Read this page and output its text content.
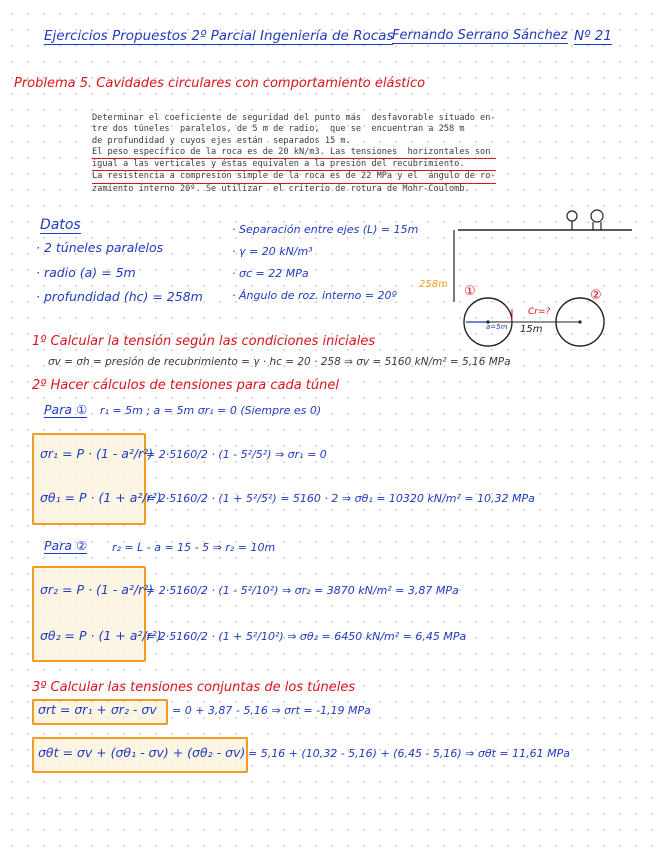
Ejercicios Propuestos 2º Parcial Ingeniería de Rocas
Fernando Serrano Sánchez Nº 21
Problema 5. Cavidades circulares con comportamiento elástico
Determinar el coeficiente de seguridad del punto más  desfavorable situado en-
tre dos túneles  paralelos, de 5 m de radio,  que se  encuentran a 258 m
de profundidad y cuyos ejes están  separados 15 m.
El peso específico de la roca es de 20 kN/m3. Las tensiones  horizontales son
igual a las verticales y éstas equivalen a la presión del recubrimiento.
La resistencia a compresión simple de la roca es de 22 MPa y el  ángulo de ro-
zamiento interno 20º. Se utilizar  el criterio de rotura de Mohr-Coulomb.
Datos
· 2 túneles paralelos
· radio (a) = 5m
· profundidad (hc) = 258m
· Separación entre ejes (L) = 15m
· γ = 20 kN/m³
· σc = 22 MPa
· Ángulo de roz. interno = 20º
258m ①	②
a=5m
Cr=?
15m
1º Calcular la tensión según las condiciones iniciales
σv = σh = presión de recubrimiento = γ · hc = 20 · 258 ⇒ σv = 5160 kN/m² = 5,16 MPa
2º Hacer cálculos de tensiones para cada túnel
Para ① r₁ = 5m ; a = 5m σr₁ = 0 (Siempre es 0)
σr₁ = P · (1 - a²/r²)
= 2·5160/2 · (1 - 5²/5²) ⇒ σr₁ = 0
σθ₁ = P · (1 + a²/r²)
= 2·5160/2 · (1 + 5²/5²) = 5160 · 2 ⇒ σθ₁ = 10320 kN/m² = 10,32 MPa
Para ② r₂ = L - a = 15 - 5 ⇒ r₂ = 10m
σr₂ = P · (1 - a²/r²)
= 2·5160/2 · (1 - 5²/10²) ⇒ σr₂ = 3870 kN/m² = 3,87 MPa
σθ₂ = P · (1 + a²/r²)
= 2·5160/2 · (1 + 5²/10²) ⇒ σθ₂ = 6450 kN/m² = 6,45 MPa
3º Calcular las tensiones conjuntas de los túneles
σrt = σr₁ + σr₂ - σv = 0 + 3,87 - 5,16 ⇒ σrt = -1,19 MPa
σθt = σv + (σθ₁ - σv) + (σθ₂ - σv) = 5,16 + (10,32 - 5,16) + (6,45 - 5,16) ⇒ σθt = 11,61 MPa
